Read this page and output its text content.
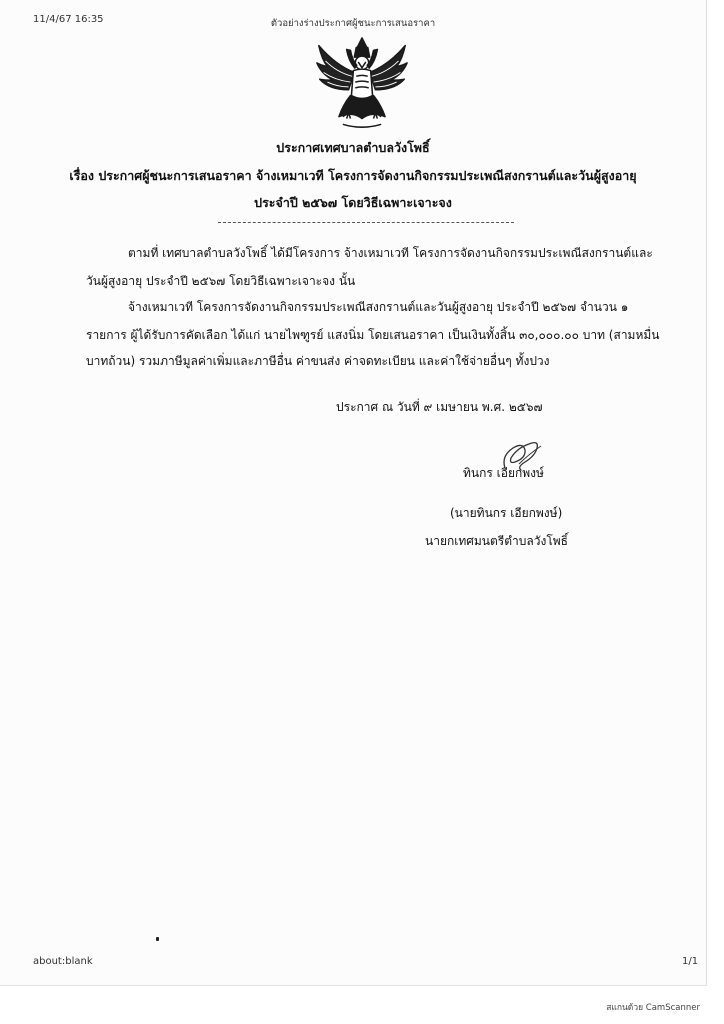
11/4/67 16:35	ตัวอย่างร่างประกาศผู้ชนะการเสนอราคา
ประกาศเทศบาลตำบลวังโพธิ์
เรื่อง ประกาศผู้ชนะการเสนอราคา จ้างเหมาเวที โครงการจัดงานกิจกรรมประเพณีสงกรานต์และวันผู้สูงอายุ
ประจำปี ๒๕๖๗ โดยวิธีเฉพาะเจาะจง
ตามที่ เทศบาลตำบลวังโพธิ์ ได้มีโครงการ จ้างเหมาเวที โครงการจัดงานกิจกรรมประเพณีสงกรานต์และ
วันผู้สูงอายุ ประจำปี ๒๕๖๗ โดยวิธีเฉพาะเจาะจง นั้น
จ้างเหมาเวที โครงการจัดงานกิจกรรมประเพณีสงกรานต์และวันผู้สูงอายุ ประจำปี ๒๕๖๗ จำนวน ๑
รายการ ผู้ได้รับการคัดเลือก ได้แก่ นายไพฑูรย์ แสงนิ่ม โดยเสนอราคา เป็นเงินทั้งสิ้น ๓๐,๐๐๐.๐๐ บาท (สามหมื่น
บาทถ้วน) รวมภาษีมูลค่าเพิ่มและภาษีอื่น ค่าขนส่ง ค่าจดทะเบียน และค่าใช้จ่ายอื่นๆ ทั้งปวง
ประกาศ ณ วันที่ ๙ เมษายน พ.ศ. ๒๕๖๗
ทินกร เอียกพงษ์
(นายทินกร เอียกพงษ์)
นายกเทศมนตรีตำบลวังโพธิ์
about:blank	1/1
สแกนด้วย CamScanner
